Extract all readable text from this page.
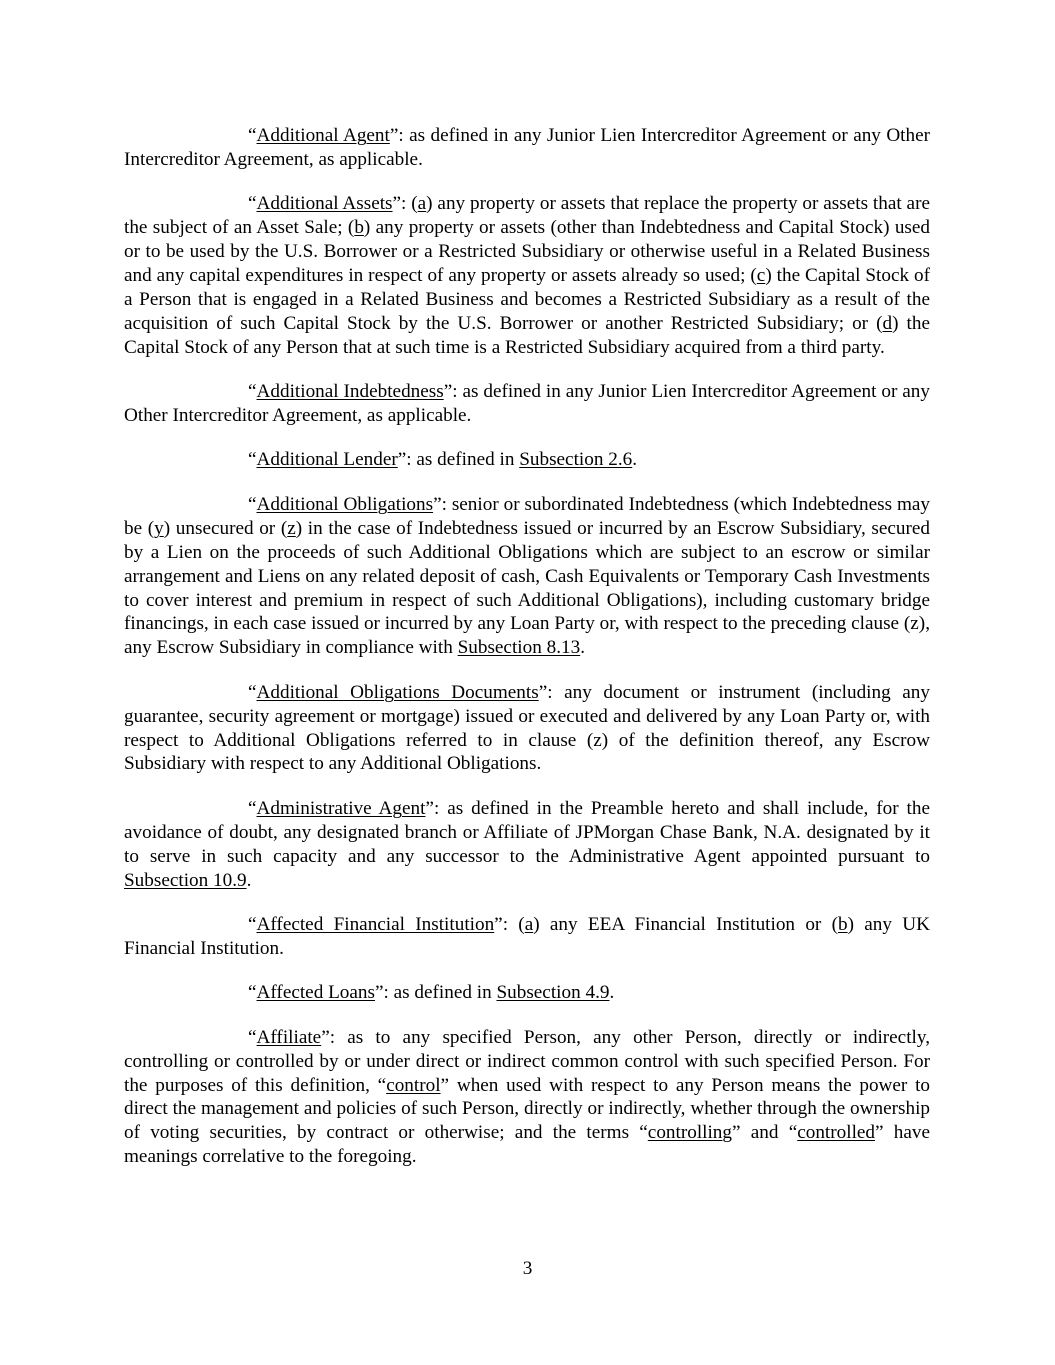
“Additional Agent”: as defined in any Junior Lien Intercreditor Agreement or any Other Intercreditor Agreement, as applicable.

“Additional Assets”: (a) any property or assets that replace the property or assets that are the subject of an Asset Sale; (b) any property or assets (other than Indebtedness and Capital Stock) used or to be used by the U.S. Borrower or a Restricted Subsidiary or otherwise useful in a Related Business and any capital expenditures in respect of any property or assets already so used; (c) the Capital Stock of a Person that is engaged in a Related Business and becomes a Restricted Subsidiary as a result of the acquisition of such Capital Stock by the U.S. Borrower or another Restricted Subsidiary; or (d) the Capital Stock of any Person that at such time is a Restricted Subsidiary acquired from a third party.

“Additional Indebtedness”: as defined in any Junior Lien Intercreditor Agreement or any Other Intercreditor Agreement, as applicable.

“Additional Lender”: as defined in Subsection 2.6.

“Additional Obligations”: senior or subordinated Indebtedness (which Indebtedness may be (y) unsecured or (z) in the case of Indebtedness issued or incurred by an Escrow Subsidiary, secured by a Lien on the proceeds of such Additional Obligations which are subject to an escrow or similar arrangement and Liens on any related deposit of cash, Cash Equivalents or Temporary Cash Investments to cover interest and premium in respect of such Additional Obligations), including customary bridge financings, in each case issued or incurred by any Loan Party or, with respect to the preceding clause (z), any Escrow Subsidiary in compliance with Subsection 8.13.

“Additional Obligations Documents”: any document or instrument (including any guarantee, security agreement or mortgage) issued or executed and delivered by any Loan Party or, with respect to Additional Obligations referred to in clause (z) of the definition thereof, any Escrow Subsidiary with respect to any Additional Obligations.

“Administrative Agent”: as defined in the Preamble hereto and shall include, for the avoidance of doubt, any designated branch or Affiliate of JPMorgan Chase Bank, N.A. designated by it to serve in such capacity and any successor to the Administrative Agent appointed pursuant to Subsection 10.9.

“Affected Financial Institution”: (a) any EEA Financial Institution or (b) any UK Financial Institution.

“Affected Loans”: as defined in Subsection 4.9.

“Affiliate”: as to any specified Person, any other Person, directly or indirectly, controlling or controlled by or under direct or indirect common control with such specified Person. For the purposes of this definition, “control” when used with respect to any Person means the power to direct the management and policies of such Person, directly or indirectly, whether through the ownership of voting securities, by contract or otherwise; and the terms “controlling” and “controlled” have meanings correlative to the foregoing.

3
